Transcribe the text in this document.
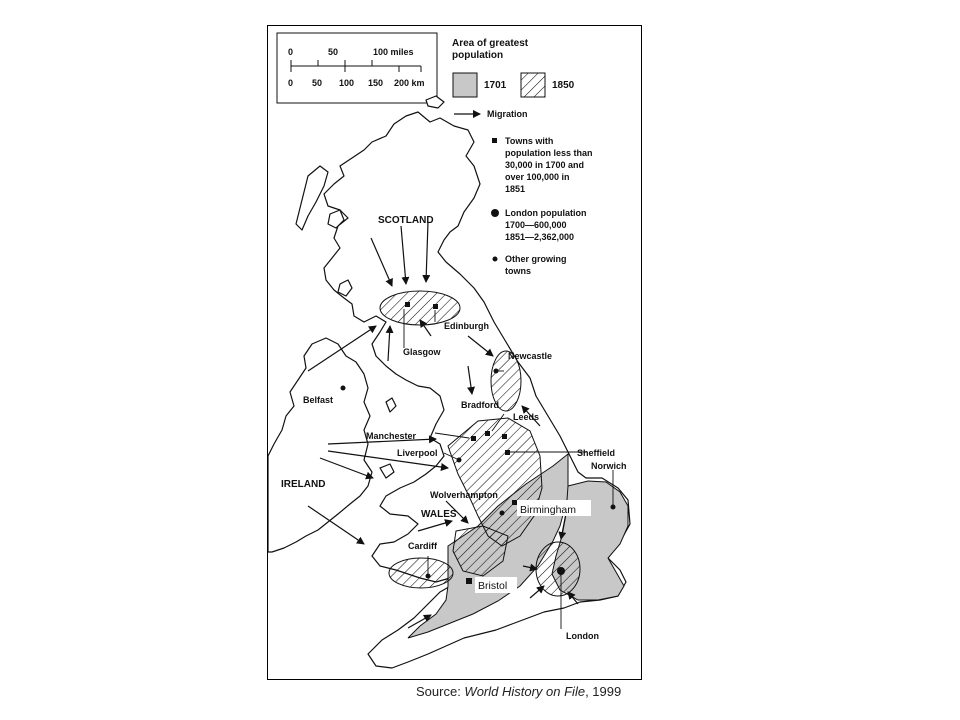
0	50	100 miles
0 50 100 150 200 km
Area of greatest
population
1701	1850
Migration
Towns with
population less than
30,000 in 1700 and
over 100,000 in
1851
London population
1700—600,000
1851—2,362,000
Other growing
towns
SCOTLAND
IRELAND
WALES
Edinburgh
Glasgow	Newcastle
Belfast	Bradford
Leeds
Manchester
Liverpool	Sheffield
Norwich
Wolverhampton
Birmingham
Cardiff
Bristol
London
Source: World History on File, 1999
